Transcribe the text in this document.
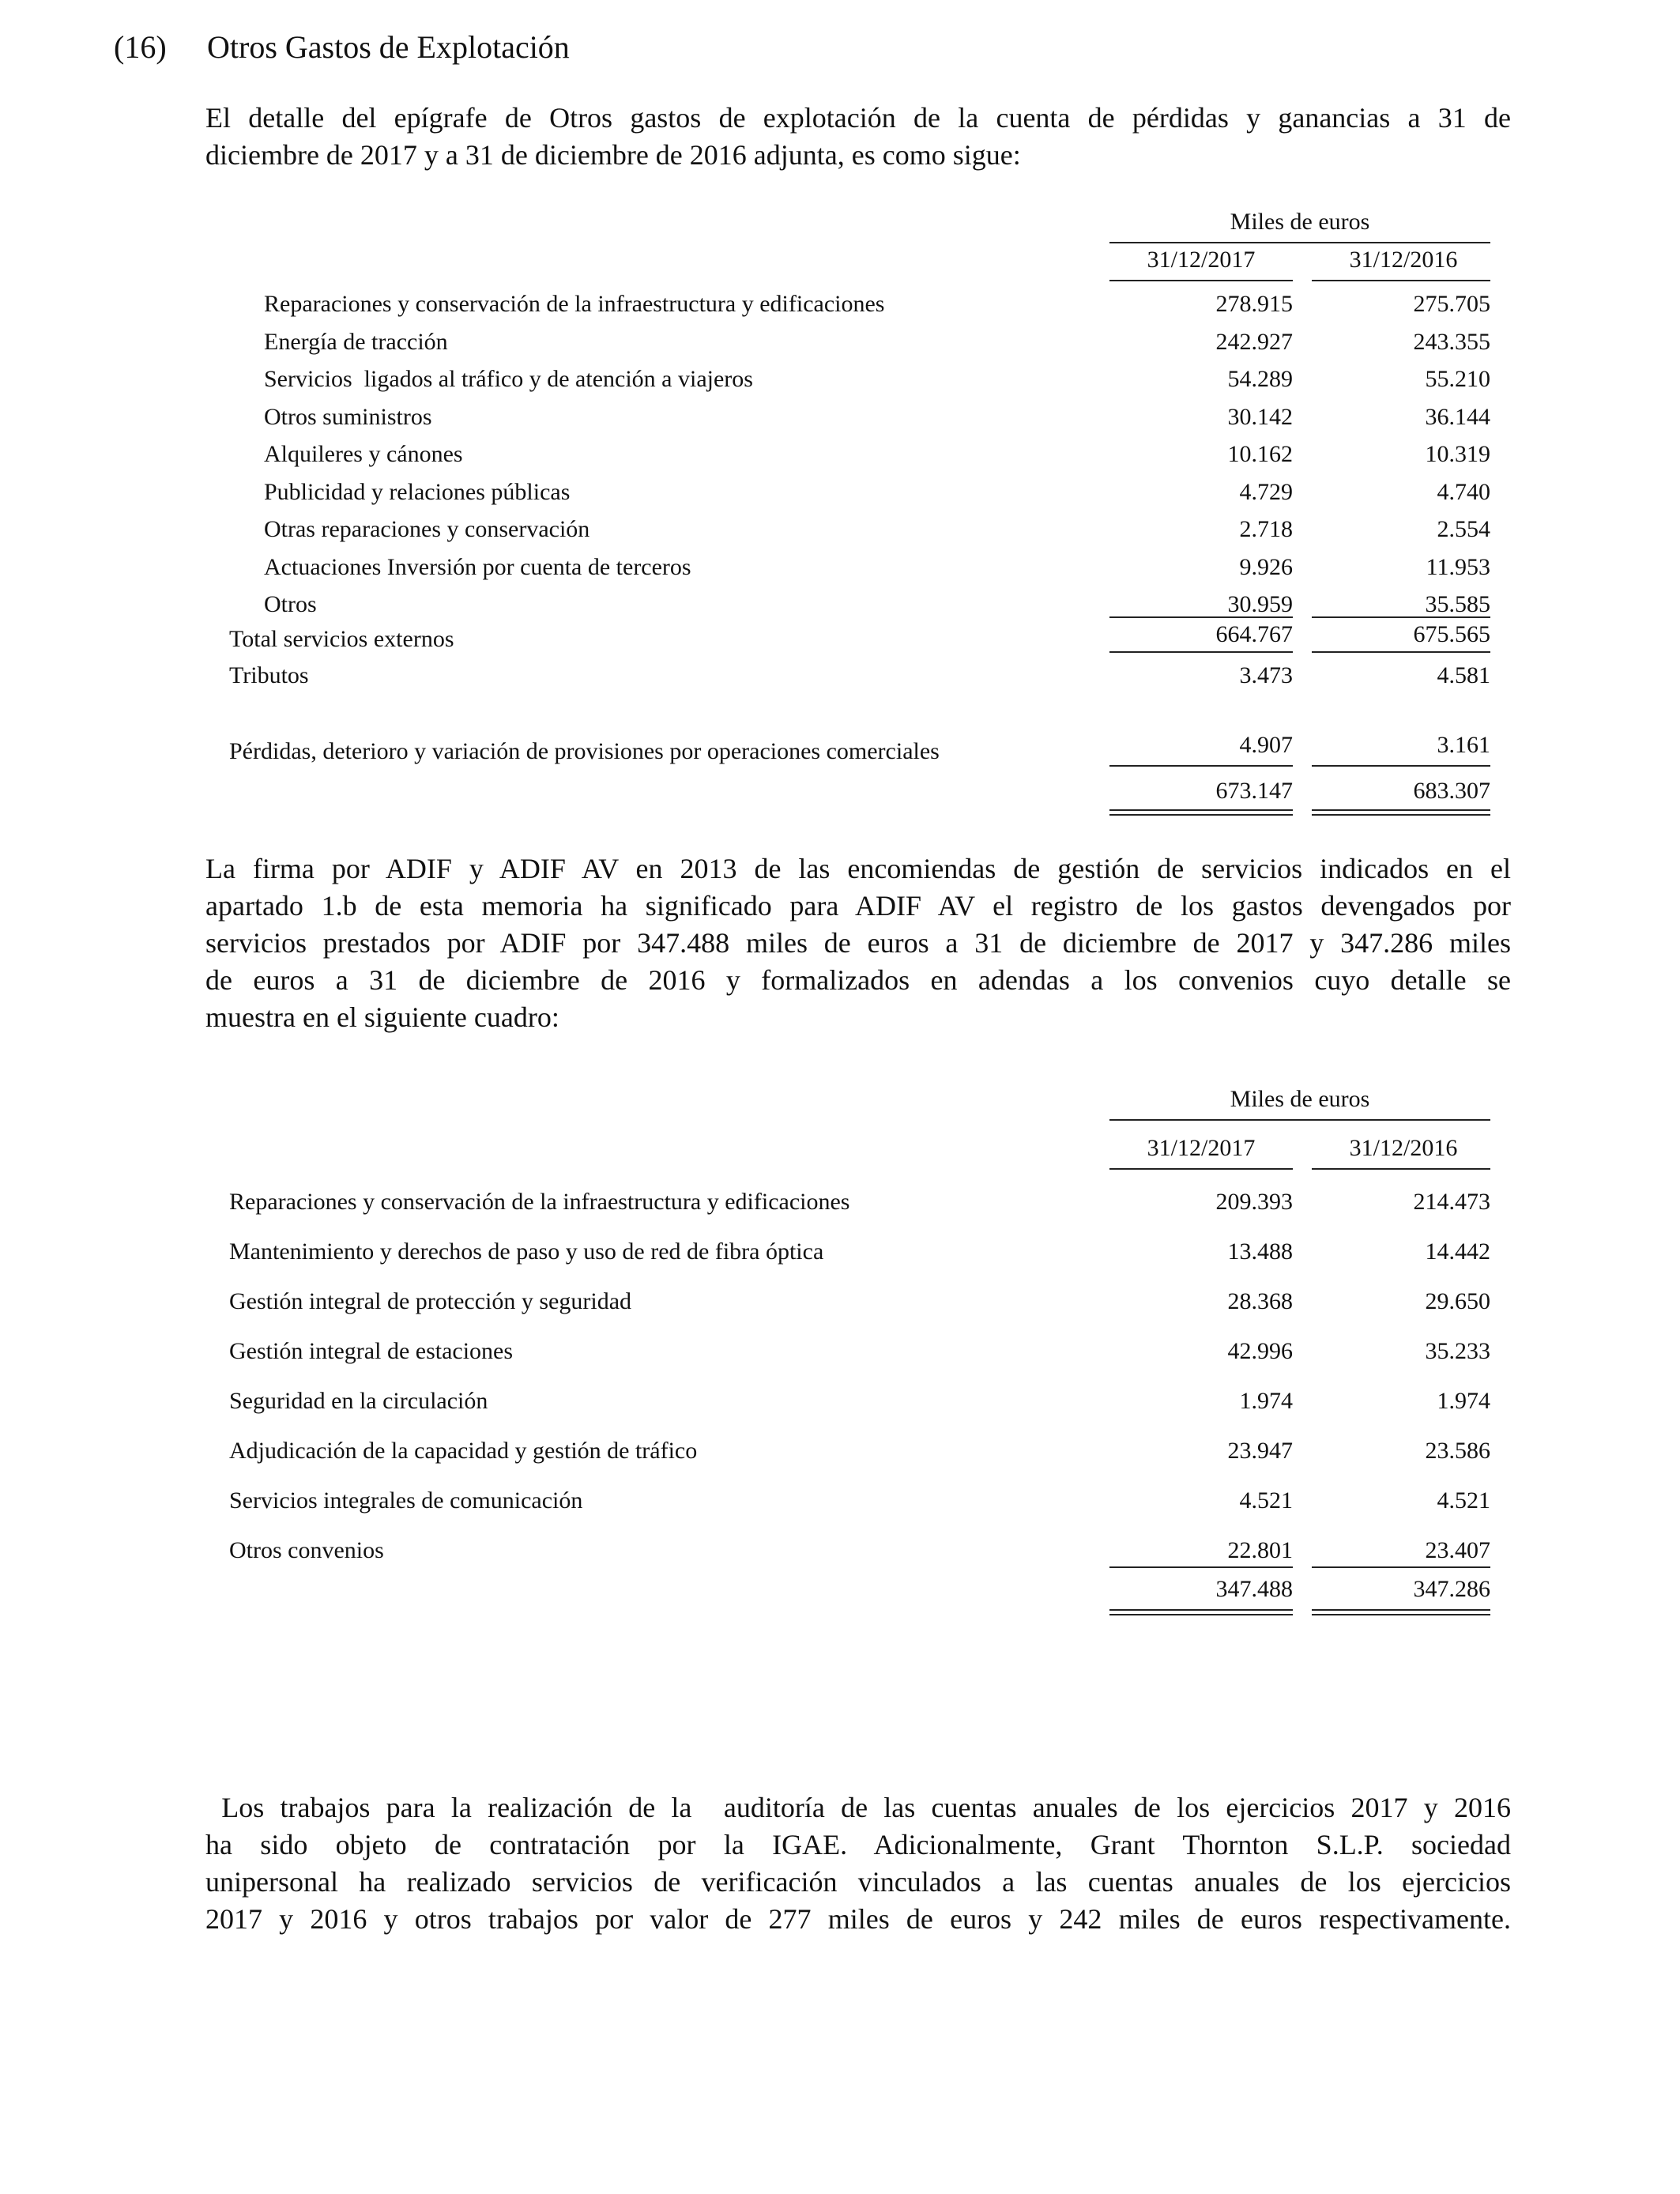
(16) Otros Gastos de Explotación
El detalle del epígrafe de Otros gastos de explotación de la cuenta de pérdidas y ganancias a 31 de
diciembre de 2017 y a 31 de diciembre de 2016 adjunta, es como sigue:
Miles de euros
31/12/2017	31/12/2016
Reparaciones y conservación de la infraestructura y edificaciones	278.915	275.705
Energía de tracción	242.927	243.355
Servicios  ligados al tráfico y de atención a viajeros	54.289	55.210
Otros suministros	30.142	36.144
Alquileres y cánones	10.162	10.319
Publicidad y relaciones públicas	4.729	4.740
Otras reparaciones y conservación	2.718	2.554
Actuaciones Inversión por cuenta de terceros	9.926	11.953
Otros	30.959	35.585
Total servicios externos	664.767	675.565
Tributos	3.473	4.581
Pérdidas, deterioro y variación de provisiones por operaciones comerciales	4.907	3.161
673.147	683.307
La firma por ADIF y ADIF AV en 2013 de las encomiendas de gestión de servicios indicados en el
apartado 1.b de esta memoria ha significado para ADIF AV el registro de los gastos devengados por
servicios prestados por ADIF por 347.488 miles de euros a 31 de diciembre de 2017 y 347.286 miles
de euros a 31 de diciembre de 2016 y formalizados en adendas a los convenios cuyo detalle se
muestra en el siguiente cuadro:
Miles de euros
31/12/2017	31/12/2016
Reparaciones y conservación de la infraestructura y edificaciones	209.393	214.473
Mantenimiento y derechos de paso y uso de red de fibra óptica	13.488	14.442
Gestión integral de protección y seguridad	28.368	29.650
Gestión integral de estaciones	42.996	35.233
Seguridad en la circulación	1.974	1.974
Adjudicación de la capacidad y gestión de tráfico	23.947	23.586
Servicios integrales de comunicación	4.521	4.521
Otros convenios	22.801	23.407
347.488	347.286
Los trabajos para la realización de la  auditoría de las cuentas anuales de los ejercicios 2017 y 2016
ha sido objeto de contratación por la IGAE. Adicionalmente, Grant Thornton S.L.P. sociedad
unipersonal ha realizado servicios de verificación vinculados a las cuentas anuales de los ejercicios
2017 y 2016 y otros trabajos por valor de 277 miles de euros y 242 miles de euros respectivamente.
